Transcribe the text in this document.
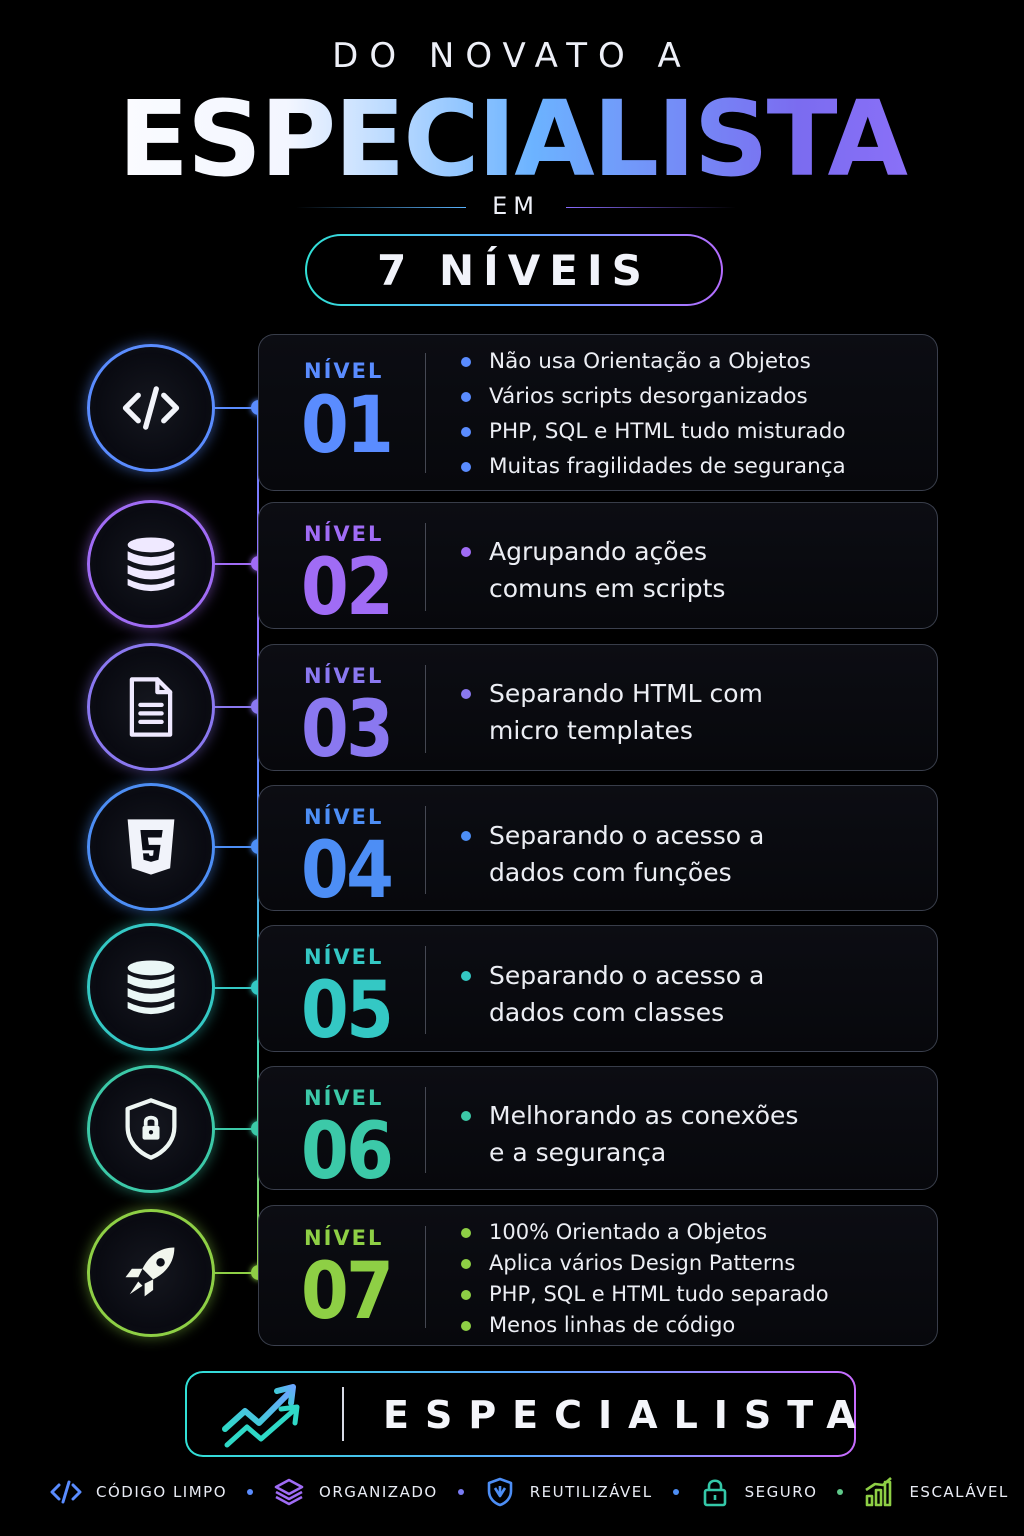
DO NOVATO A
ESPECIALISTA
EM
7 NÍVEIS
NÍVEL
01
Não usa Orientação a Objetos
Vários scripts desorganizados
PHP, SQL e HTML tudo misturado
Muitas fragilidades de segurança
NÍVEL
02	Agrupando ações
comuns em scripts
NÍVEL
03	Separando HTML com
micro templates
NÍVEL
04	Separando o acesso a
dados com funções
NÍVEL
05	Separando o acesso a
dados com classes
NÍVEL
06	Melhorando as conexões
e a segurança
NÍVEL
07
100% Orientado a Objetos
Aplica vários Design Patterns
PHP, SQL e HTML tudo separado
Menos linhas de código
ESPECIALISTA
CÓDIGO LIMPO	ORGANIZADO	REUTILIZÁVEL	SEGURO	ESCALÁVEL
